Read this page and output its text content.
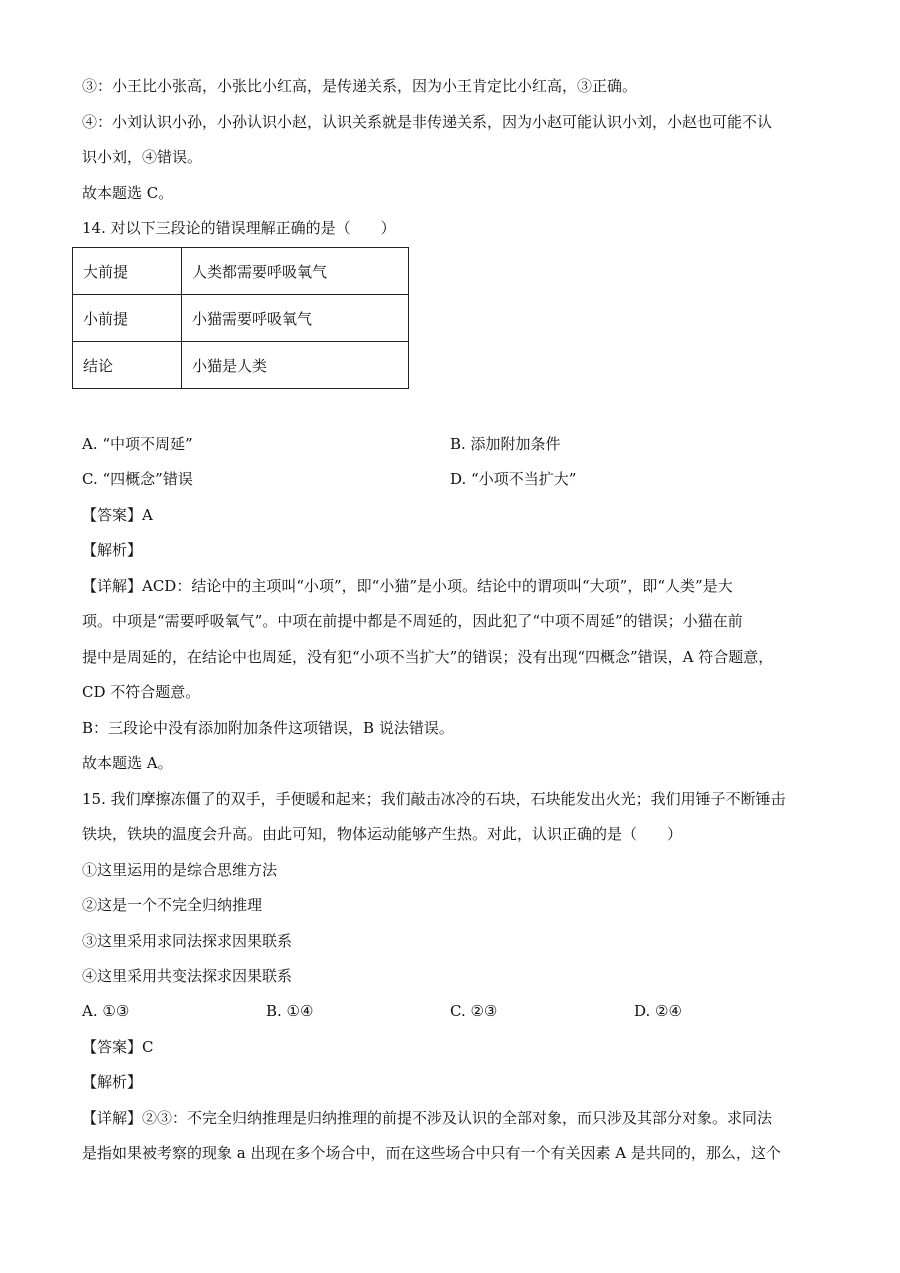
③：小王比小张高，小张比小红高，是传递关系，因为小王肯定比小红高，③正确。
④：小刘认识小孙，小孙认识小赵，认识关系就是非传递关系，因为小赵可能认识小刘，小赵也可能不认
识小刘，④错误。
故本题选 C。
14. 对以下三段论的错误理解正确的是（　　）
大前提	人类都需要呼吸氧气
小前提	小猫需要呼吸氧气
结论	小猫是人类
A. “中项不周延”	B. 添加附加条件
C. “四概念”错误	D. “小项不当扩大”
【答案】A
【解析】
【详解】ACD：结论中的主项叫“小项”，即“小猫”是小项。结论中的谓项叫“大项”，即“人类”是大
项。中项是“需要呼吸氧气”。中项在前提中都是不周延的，因此犯了“中项不周延”的错误；小猫在前
提中是周延的，在结论中也周延，没有犯“小项不当扩大”的错误；没有出现“四概念”错误，A 符合题意，
CD 不符合题意。
B：三段论中没有添加附加条件这项错误，B 说法错误。
故本题选 A。
15. 我们摩擦冻僵了的双手，手便暖和起来；我们敲击冰冷的石块，石块能发出火光；我们用锤子不断锤击
铁块，铁块的温度会升高。由此可知，物体运动能够产生热。对此，认识正确的是（　　）
①这里运用的是综合思维方法
②这是一个不完全归纳推理
③这里采用求同法探求因果联系
④这里采用共变法探求因果联系
A. ①③	B. ①④	C. ②③	D. ②④
【答案】C
【解析】
【详解】②③：不完全归纳推理是归纳推理的前提不涉及认识的全部对象，而只涉及其部分对象。求同法
是指如果被考察的现象 a 出现在多个场合中，而在这些场合中只有一个有关因素 A 是共同的，那么，这个
